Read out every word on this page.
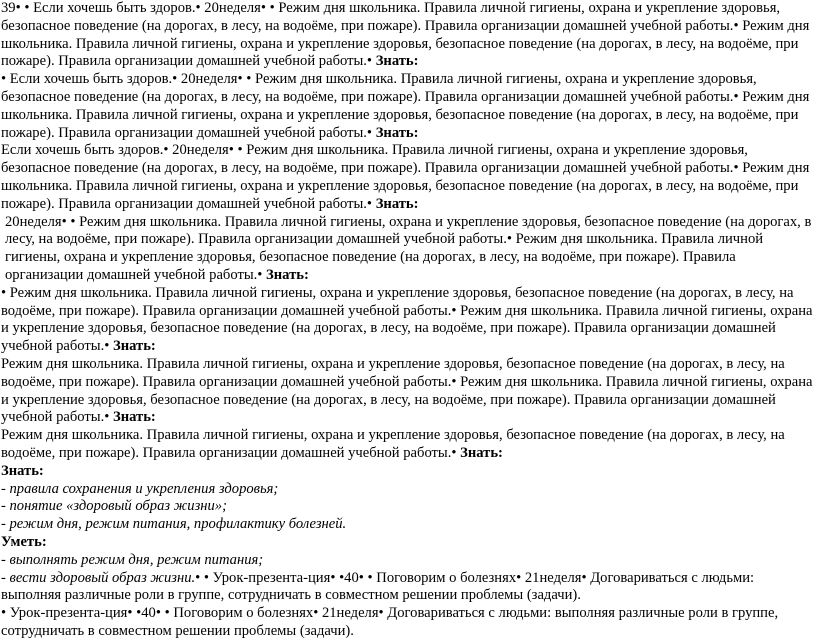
39• • Если хочешь быть здоров.• 20неделя• • Режим дня школьника. Правила личной гигиены, охрана и укрепление здоровья, безопасное поведение (на дорогах, в лесу, на водоёме, при пожаре). Правила организации домашней учебной работы.• Режим дня школьника. Правила личной гигиены, охрана и укрепление здоровья, безопасное поведение (на дорогах, в лесу, на водоёме, при пожаре). Правила организации домашней учебной работы.• Знать:

• Если хочешь быть здоров.• 20неделя• • Режим дня школьника. Правила личной гигиены, охрана и укрепление здоровья, безопасное поведение (на дорогах, в лесу, на водоёме, при пожаре). Правила организации домашней учебной работы.• Режим дня школьника. Правила личной гигиены, охрана и укрепление здоровья, безопасное поведение (на дорогах, в лесу, на водоёме, при пожаре). Правила организации домашней учебной работы.• Знать:

Если хочешь быть здоров.• 20неделя• • Режим дня школьника. Правила личной гигиены, охрана и укрепление здоровья, безопасное поведение (на дорогах, в лесу, на водоёме, при пожаре). Правила организации домашней учебной работы.• Режим дня школьника. Правила личной гигиены, охрана и укрепление здоровья, безопасное поведение (на дорогах, в лесу, на водоёме, при пожаре). Правила организации домашней учебной работы.• Знать:

20неделя• • Режим дня школьника. Правила личной гигиены, охрана и укрепление здоровья, безопасное поведение (на дорогах, в лесу, на водоёме, при пожаре). Правила организации домашней учебной работы.• Режим дня школьника. Правила личной гигиены, охрана и укрепление здоровья, безопасное поведение (на дорогах, в лесу, на водоёме, при пожаре). Правила организации домашней учебной работы.• Знать:

• Режим дня школьника. Правила личной гигиены, охрана и укрепление здоровья, безопасное поведение (на дорогах, в лесу, на водоёме, при пожаре). Правила организации домашней учебной работы.• Режим дня школьника. Правила личной гигиены, охрана и укрепление здоровья, безопасное поведение (на дорогах, в лесу, на водоёме, при пожаре). Правила организации домашней учебной работы.• Знать:

Режим дня школьника. Правила личной гигиены, охрана и укрепление здоровья, безопасное поведение (на дорогах, в лесу, на водоёме, при пожаре). Правила организации домашней учебной работы.• Режим дня школьника. Правила личной гигиены, охрана и укрепление здоровья, безопасное поведение (на дорогах, в лесу, на водоёме, при пожаре). Правила организации домашней учебной работы.• Знать:

Режим дня школьника. Правила личной гигиены, охрана и укрепление здоровья, безопасное поведение (на дорогах, в лесу, на водоёме, при пожаре). Правила организации домашней учебной работы.• Знать:

Знать:

- правила сохранения и укрепления здоровья;

- понятие «здоровый образ жизни»;

- режим дня, режим питания, профилактику болезней.

Уметь:

- выполнять режим дня, режим питания;

- вести здоровый образ жизни.• • Урок-презента-ция• •40• • Поговорим о болезнях• 21неделя• Договариваться с людьми: выполняя различные роли в группе, сотрудничать в совместном решении проблемы (задачи).

• Урок-презента-ция• •40• • Поговорим о болезнях• 21неделя• Договариваться с людьми: выполняя различные роли в группе, сотрудничать в совместном решении проблемы (задачи).
